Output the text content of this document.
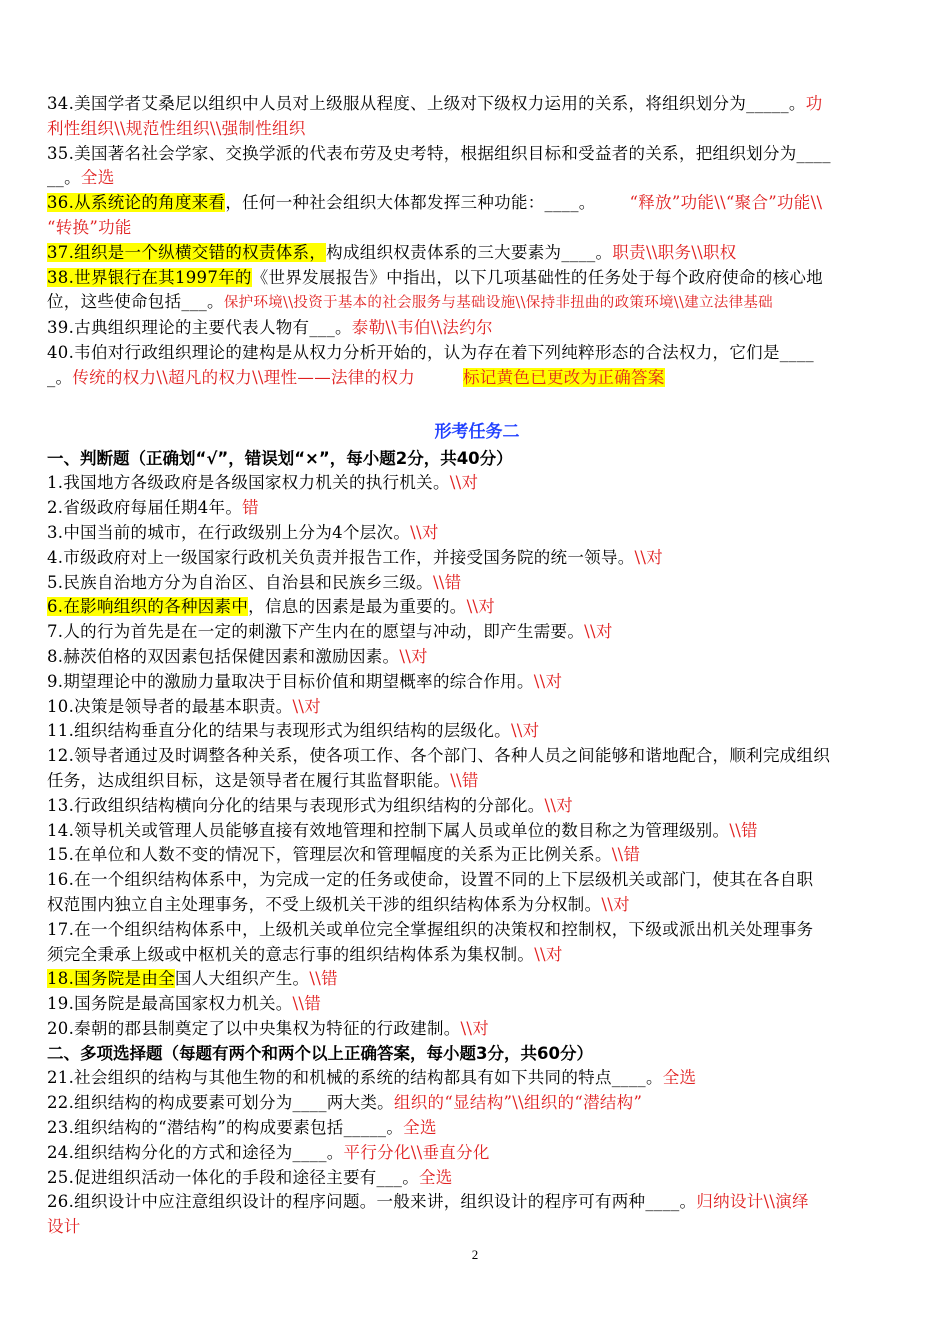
34.美国学者艾桑尼以组织中人员对上级服从程度、上级对下级权力运用的关系，将组织划分为_____。功
利性组织\\规范性组织\\强制性组织
35.美国著名社会学家、交换学派的代表布劳及史考特，根据组织目标和受益者的关系，把组织划分为____
__。全选
36.从系统论的角度来看，任何一种社会组织大体都发挥三种功能：____。 “释放”功能\\“聚合”功能\\
“转换”功能
37.组织是一个纵横交错的权责体系，构成组织权责体系的三大要素为____。职责\\职务\\职权
38.世界银行在其1997年的《世界发展报告》中指出，以下几项基础性的任务处于每个政府使命的核心地
位，这些使命包括___。保护环境\\投资于基本的社会服务与基础设施\\保持非扭曲的政策环境\\建立法律基础
39.古典组织理论的主要代表人物有___。泰勒\\韦伯\\法约尔
40.韦伯对行政组织理论的建构是从权力分析开始的，认为存在着下列纯粹形态的合法权力，它们是____
_。传统的权力\\超凡的权力\\理性——法律的权力	标记黄色已更改为正确答案
形考任务二
一、判断题（正确划“√”，错误划“×”，每小题2分，共40分）
1.我国地方各级政府是各级国家权力机关的执行机关。\\对
2.省级政府每届任期4年。错
3.中国当前的城市，在行政级别上分为4个层次。\\对
4.市级政府对上一级国家行政机关负责并报告工作，并接受国务院的统一领导。\\对
5.民族自治地方分为自治区、自治县和民族乡三级。\\错
6.在影响组织的各种因素中，信息的因素是最为重要的。\\对
7.人的行为首先是在一定的刺激下产生内在的愿望与冲动，即产生需要。\\对
8.赫茨伯格的双因素包括保健因素和激励因素。\\对
9.期望理论中的激励力量取决于目标价值和期望概率的综合作用。\\对
10.决策是领导者的最基本职责。\\对
11.组织结构垂直分化的结果与表现形式为组织结构的层级化。\\对
12.领导者通过及时调整各种关系，使各项工作、各个部门、各种人员之间能够和谐地配合，顺利完成组织
任务，达成组织目标，这是领导者在履行其监督职能。\\错
13.行政组织结构横向分化的结果与表现形式为组织结构的分部化。\\对
14.领导机关或管理人员能够直接有效地管理和控制下属人员或单位的数目称之为管理级别。\\错
15.在单位和人数不变的情况下，管理层次和管理幅度的关系为正比例关系。\\错
16.在一个组织结构体系中，为完成一定的任务或使命，设置不同的上下层级机关或部门，使其在各自职
权范围内独立自主处理事务，不受上级机关干涉的组织结构体系为分权制。\\对
17.在一个组织结构体系中，上级机关或单位完全掌握组织的决策权和控制权，下级或派出机关处理事务
须完全秉承上级或中枢机关的意志行事的组织结构体系为集权制。\\对
18.国务院是由全国人大组织产生。\\错
19.国务院是最高国家权力机关。\\错
20.秦朝的郡县制奠定了以中央集权为特征的行政建制。\\对
二、多项选择题（每题有两个和两个以上正确答案，每小题3分，共60分）
21.社会组织的结构与其他生物的和机械的系统的结构都具有如下共同的特点____。全选
22.组织结构的构成要素可划分为____两大类。组织的“显结构”\\组织的“潜结构”
23.组织结构的“潜结构”的构成要素包括_____。全选
24.组织结构分化的方式和途径为____。平行分化\\垂直分化
25.促进组织活动一体化的手段和途径主要有___。全选
26.组织设计中应注意组织设计的程序问题。一般来讲，组织设计的程序可有两种____。归纳设计\\演绎
设计
2
